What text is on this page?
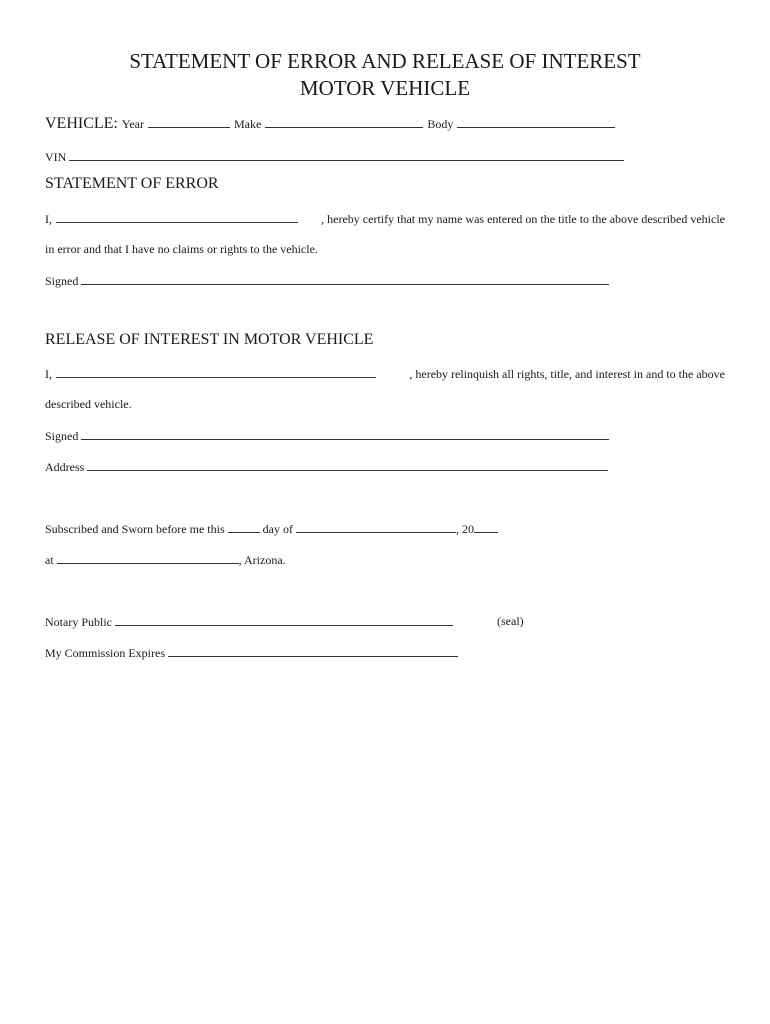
STATEMENT OF ERROR AND RELEASE OF INTEREST
MOTOR VEHICLE
VEHICLE: Year	Make	Body
VIN
STATEMENT OF ERROR
I,	, hereby certify that my name was entered on the title to the above described vehicle
in error and that I have no claims or rights to the vehicle.
Signed
RELEASE OF INTEREST IN MOTOR VEHICLE
I,	, hereby relinquish all rights, title, and interest in and to the above
described vehicle.
Signed
Address
Subscribed and Sworn before me this	day of	, 20
at	, Arizona.
Notary Public	(seal)
My Commission Expires
